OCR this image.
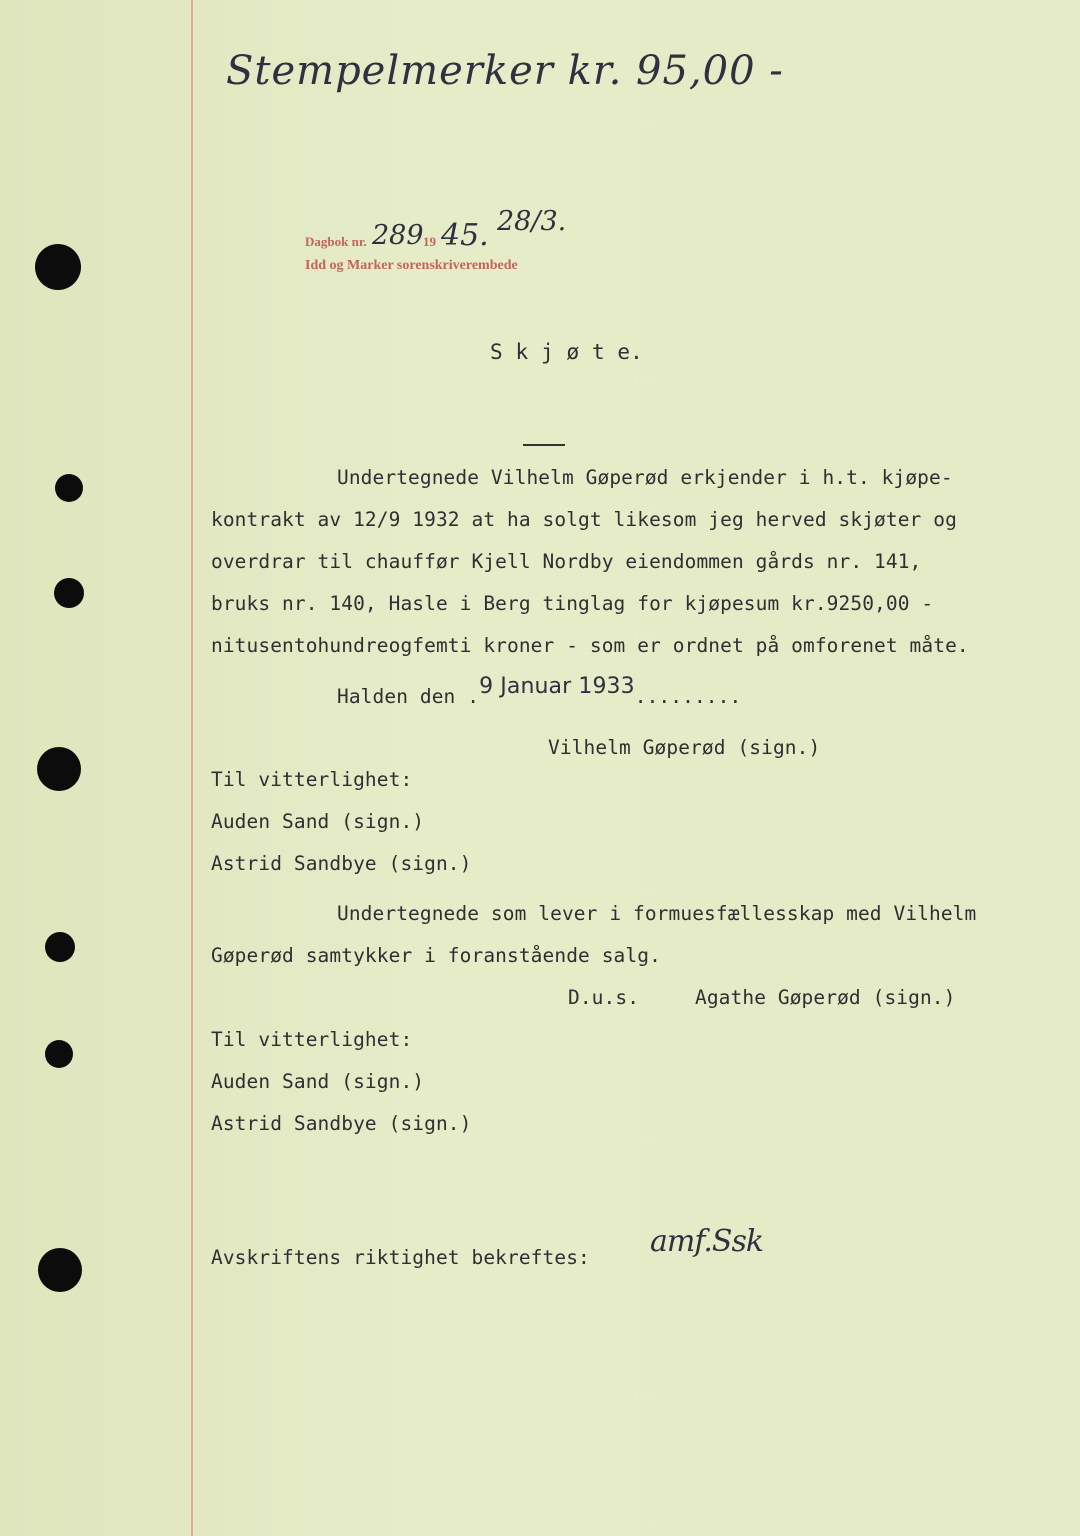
Stempelmerker kr. 95,00 -
Dagbok nr. 289 19 45. 28/3.
Idd og Marker sorenskriverembede
S k j ø t e.
Undertegnede Vilhelm Gøperød erkjender i h.t. kjøpe-
kontrakt av 12/9 1932 at ha solgt likesom jeg herved skjøter og
overdrar til chauffør Kjell Nordby eiendommen gårds nr. 141,
bruks nr. 140, Hasle i Berg tinglag for kjøpesum kr.9250,00 -
nitusentohundreogfemti kroner - som er ordnet på omforenet måte.
Halden den .9 Januar 1933.........
Vilhelm Gøperød (sign.)
Til vitterlighet:
Auden Sand (sign.)
Astrid Sandbye (sign.)
Undertegnede som lever i formuesfællesskap med Vilhelm
Gøperød samtykker i foranstående salg.
D.u.s.	Agathe Gøperød (sign.)
Til vitterlighet:
Auden Sand (sign.)
Astrid Sandbye (sign.)
Avskriftens riktighet bekreftes: amf.Ssk
